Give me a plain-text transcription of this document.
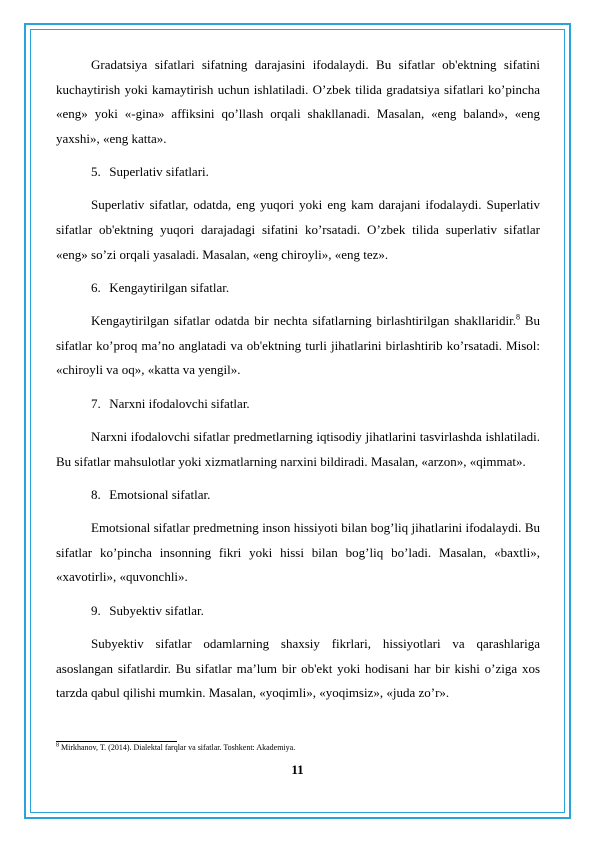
Gradatsiya sifatlari sifatning darajasini ifodalaydi. Bu sifatlar ob'ektning sifatini kuchaytirish yoki kamaytirish uchun ishlatiladi. O’zbek tilida gradatsiya sifatlari ko’pincha «eng» yoki «-gina» affiksini qo’llash orqali shakllanadi. Masalan, «eng baland», «eng yaxshi», «eng katta».

5. Superlativ sifatlari.

Superlativ sifatlar, odatda, eng yuqori yoki eng kam darajani ifodalaydi. Superlativ sifatlar ob'ektning yuqori darajadagi sifatini ko’rsatadi. O’zbek tilida superlativ sifatlar «eng» so’zi orqali yasaladi. Masalan, «eng chiroyli», «eng tez».

6. Kengaytirilgan sifatlar.

Kengaytirilgan sifatlar odatda bir nechta sifatlarning birlashtirilgan shakllaridir.$^8$ Bu sifatlar ko’proq ma’no anglatadi va ob'ektning turli jihatlarini birlashtirib ko’rsatadi. Misol: «chiroyli va oq», «katta va yengil».

7. Narxni ifodalovchi sifatlar.

Narxni ifodalovchi sifatlar predmetlarning iqtisodiy jihatlarini tasvirlashda ishlatiladi. Bu sifatlar mahsulotlar yoki xizmatlarning narxini bildiradi. Masalan, «arzon», «qimmat».

8. Emotsional sifatlar.

Emotsional sifatlar predmetning inson hissiyoti bilan bog’liq jihatlarini ifodalaydi. Bu sifatlar ko’pincha insonning fikri yoki hissi bilan bog’liq bo’ladi. Masalan, «baxtli», «xavotirli», «quvonchli».

9. Subyektiv sifatlar.

Subyektiv sifatlar odamlarning shaxsiy fikrlari, hissiyotlari va qarashlariga asoslangan sifatlardir. Bu sifatlar ma’lum bir ob'ekt yoki hodisani har bir kishi o’ziga xos tarzda qabul qilishi mumkin. Masalan, «yoqimli», «yoqimsiz», «juda zo’r».

$^8$ Mirkhanov, T. (2014). Dialektal farqlar va sifatlar. Toshkent: Akademiya.
11
